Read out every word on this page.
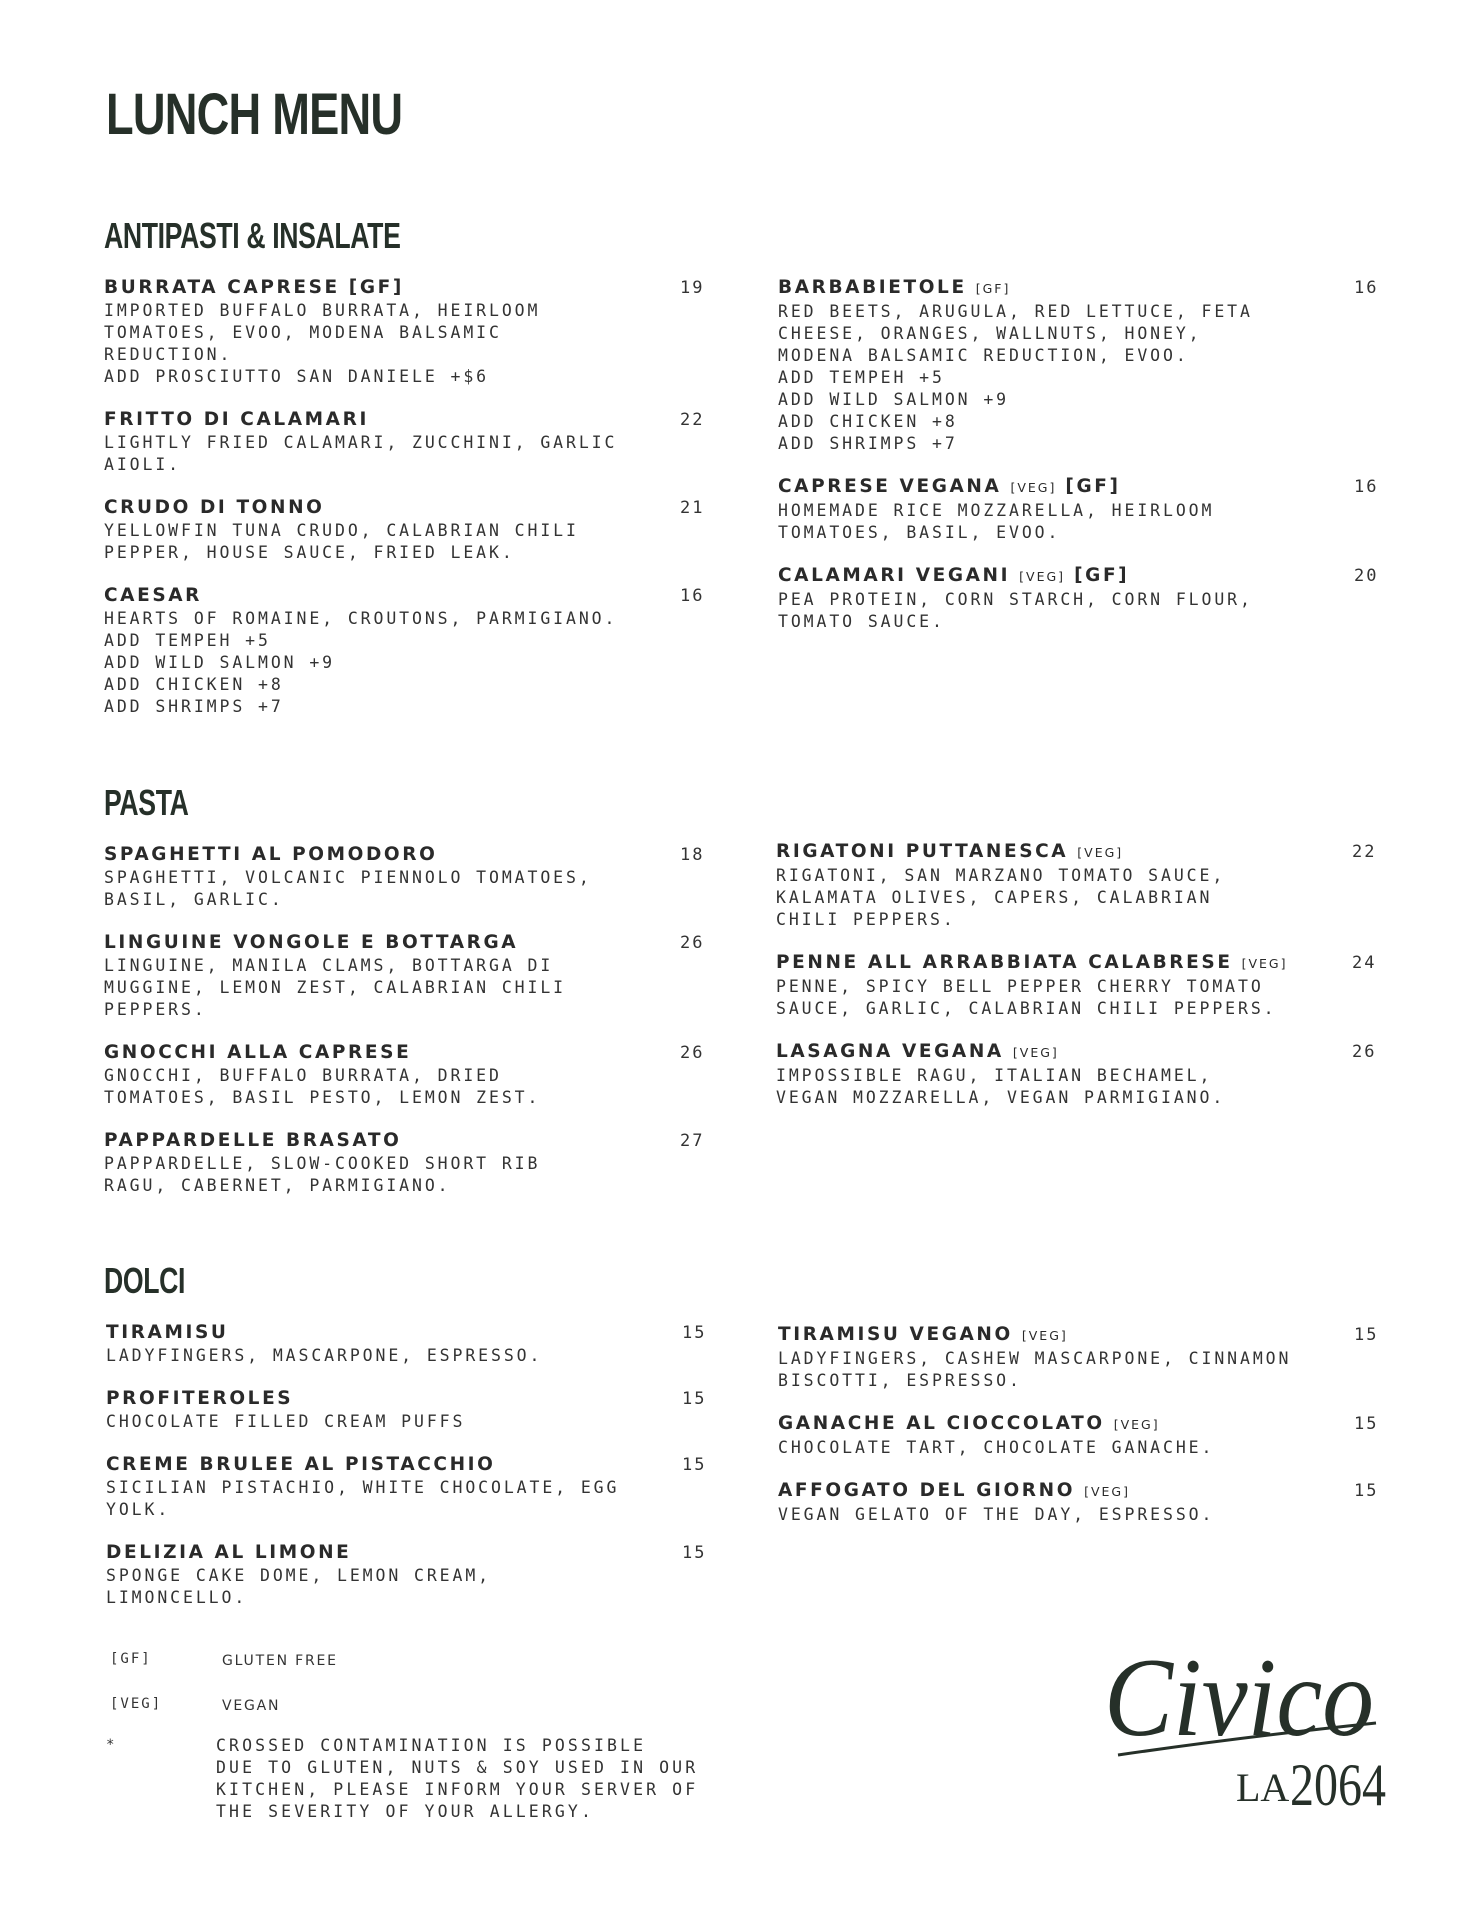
LUNCH MENU
ANTIPASTI & INSALATE
BURRATA CAPRESE [GF]	19
IMPORTED BUFFALO BURRATA, HEIRLOOM
TOMATOES, EVOO, MODENA BALSAMIC
REDUCTION.
ADD PROSCIUTTO SAN DANIELE +$6
FRITTO DI CALAMARI	22
LIGHTLY FRIED CALAMARI, ZUCCHINI, GARLIC
AIOLI.
CRUDO DI TONNO	21
YELLOWFIN TUNA CRUDO, CALABRIAN CHILI
PEPPER, HOUSE SAUCE, FRIED LEAK.
CAESAR	16
HEARTS OF ROMAINE, CROUTONS, PARMIGIANO.
ADD TEMPEH +5
ADD WILD SALMON +9
ADD CHICKEN +8
ADD SHRIMPS +7
BARBABIETOLE [GF]	16
RED BEETS, ARUGULA, RED LETTUCE, FETA
CHEESE, ORANGES, WALLNUTS, HONEY,
MODENA BALSAMIC REDUCTION, EVOO.
ADD TEMPEH +5
ADD WILD SALMON +9
ADD CHICKEN +8
ADD SHRIMPS +7
CAPRESE VEGANA [VEG] [GF]	16
HOMEMADE RICE MOZZARELLA, HEIRLOOM
TOMATOES, BASIL, EVOO.
CALAMARI VEGANI [VEG] [GF]	20
PEA PROTEIN, CORN STARCH, CORN FLOUR,
TOMATO SAUCE.
PASTA
SPAGHETTI AL POMODORO	18
SPAGHETTI, VOLCANIC PIENNOLO TOMATOES,
BASIL, GARLIC.
LINGUINE VONGOLE E BOTTARGA	26
LINGUINE, MANILA CLAMS, BOTTARGA DI
MUGGINE, LEMON ZEST, CALABRIAN CHILI
PEPPERS.
GNOCCHI ALLA CAPRESE	26
GNOCCHI, BUFFALO BURRATA, DRIED
TOMATOES, BASIL PESTO, LEMON ZEST.
PAPPARDELLE BRASATO	27
PAPPARDELLE, SLOW-COOKED SHORT RIB
RAGU, CABERNET, PARMIGIANO.
RIGATONI PUTTANESCA [VEG]	22
RIGATONI, SAN MARZANO TOMATO SAUCE,
KALAMATA OLIVES, CAPERS, CALABRIAN
CHILI PEPPERS.
PENNE ALL ARRABBIATA CALABRESE [VEG]	24
PENNE, SPICY BELL PEPPER CHERRY TOMATO
SAUCE, GARLIC, CALABRIAN CHILI PEPPERS.
LASAGNA VEGANA [VEG]	26
IMPOSSIBLE RAGU, ITALIAN BECHAMEL,
VEGAN MOZZARELLA, VEGAN PARMIGIANO.
DOLCI
TIRAMISU	15
LADYFINGERS, MASCARPONE, ESPRESSO.
PROFITEROLES	15
CHOCOLATE FILLED CREAM PUFFS
CREME BRULEE AL PISTACCHIO	15
SICILIAN PISTACHIO, WHITE CHOCOLATE, EGG
YOLK.
DELIZIA AL LIMONE	15
SPONGE CAKE DOME, LEMON CREAM,
LIMONCELLO.
TIRAMISU VEGANO [VEG]	15
LADYFINGERS, CASHEW MASCARPONE, CINNAMON
BISCOTTI, ESPRESSO.
GANACHE AL CIOCCOLATO [VEG]	15
CHOCOLATE TART, CHOCOLATE GANACHE.
AFFOGATO DEL GIORNO [VEG]	15
VEGAN GELATO OF THE DAY, ESPRESSO.
[GF]	GLUTEN FREE
[VEG]	VEGAN
*	CROSSED CONTAMINATION IS POSSIBLE
DUE TO GLUTEN, NUTS & SOY USED IN OUR
KITCHEN, PLEASE INFORM YOUR SERVER OF
THE SEVERITY OF YOUR ALLERGY.
Civico
LA 2064
